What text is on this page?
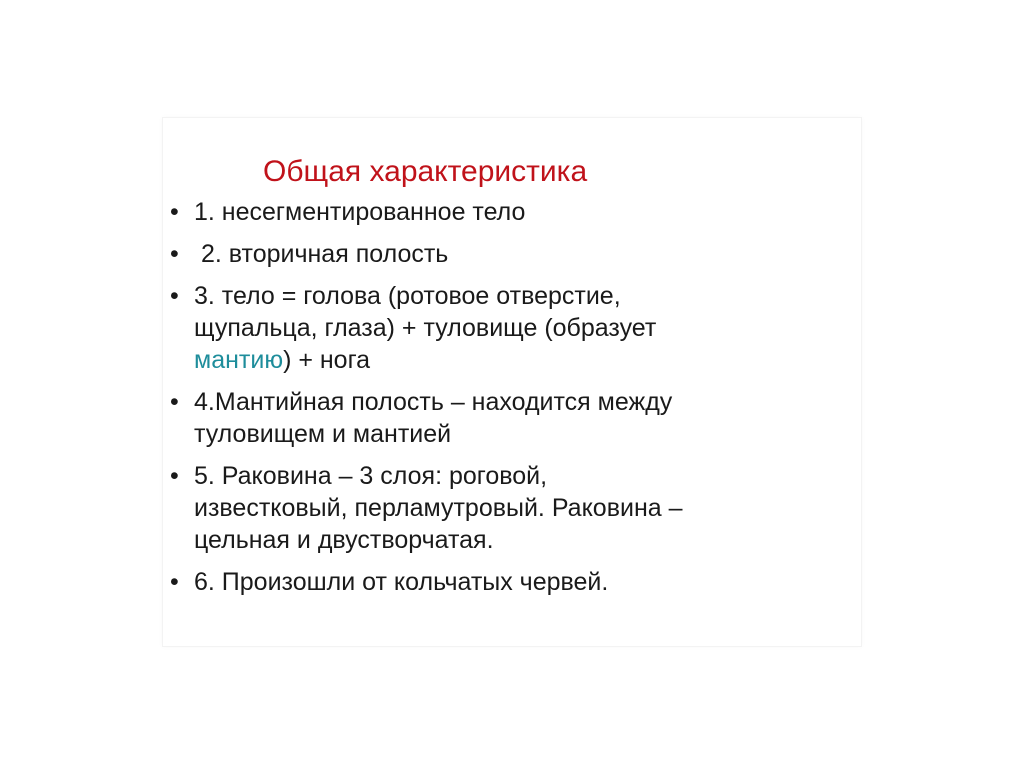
Общая характеристика
• 1. несегментированное тело
• 2. вторичная полость
• 3. тело = голова (ротовое отверстие,
щупальца, глаза) + туловище (образует
мантию) + нога
• 4.Мантийная полость – находится между
туловищем и мантией
• 5. Раковина – 3 слоя: роговой,
известковый, перламутровый. Раковина –
цельная и двустворчатая.
• 6. Произошли от кольчатых червей.
